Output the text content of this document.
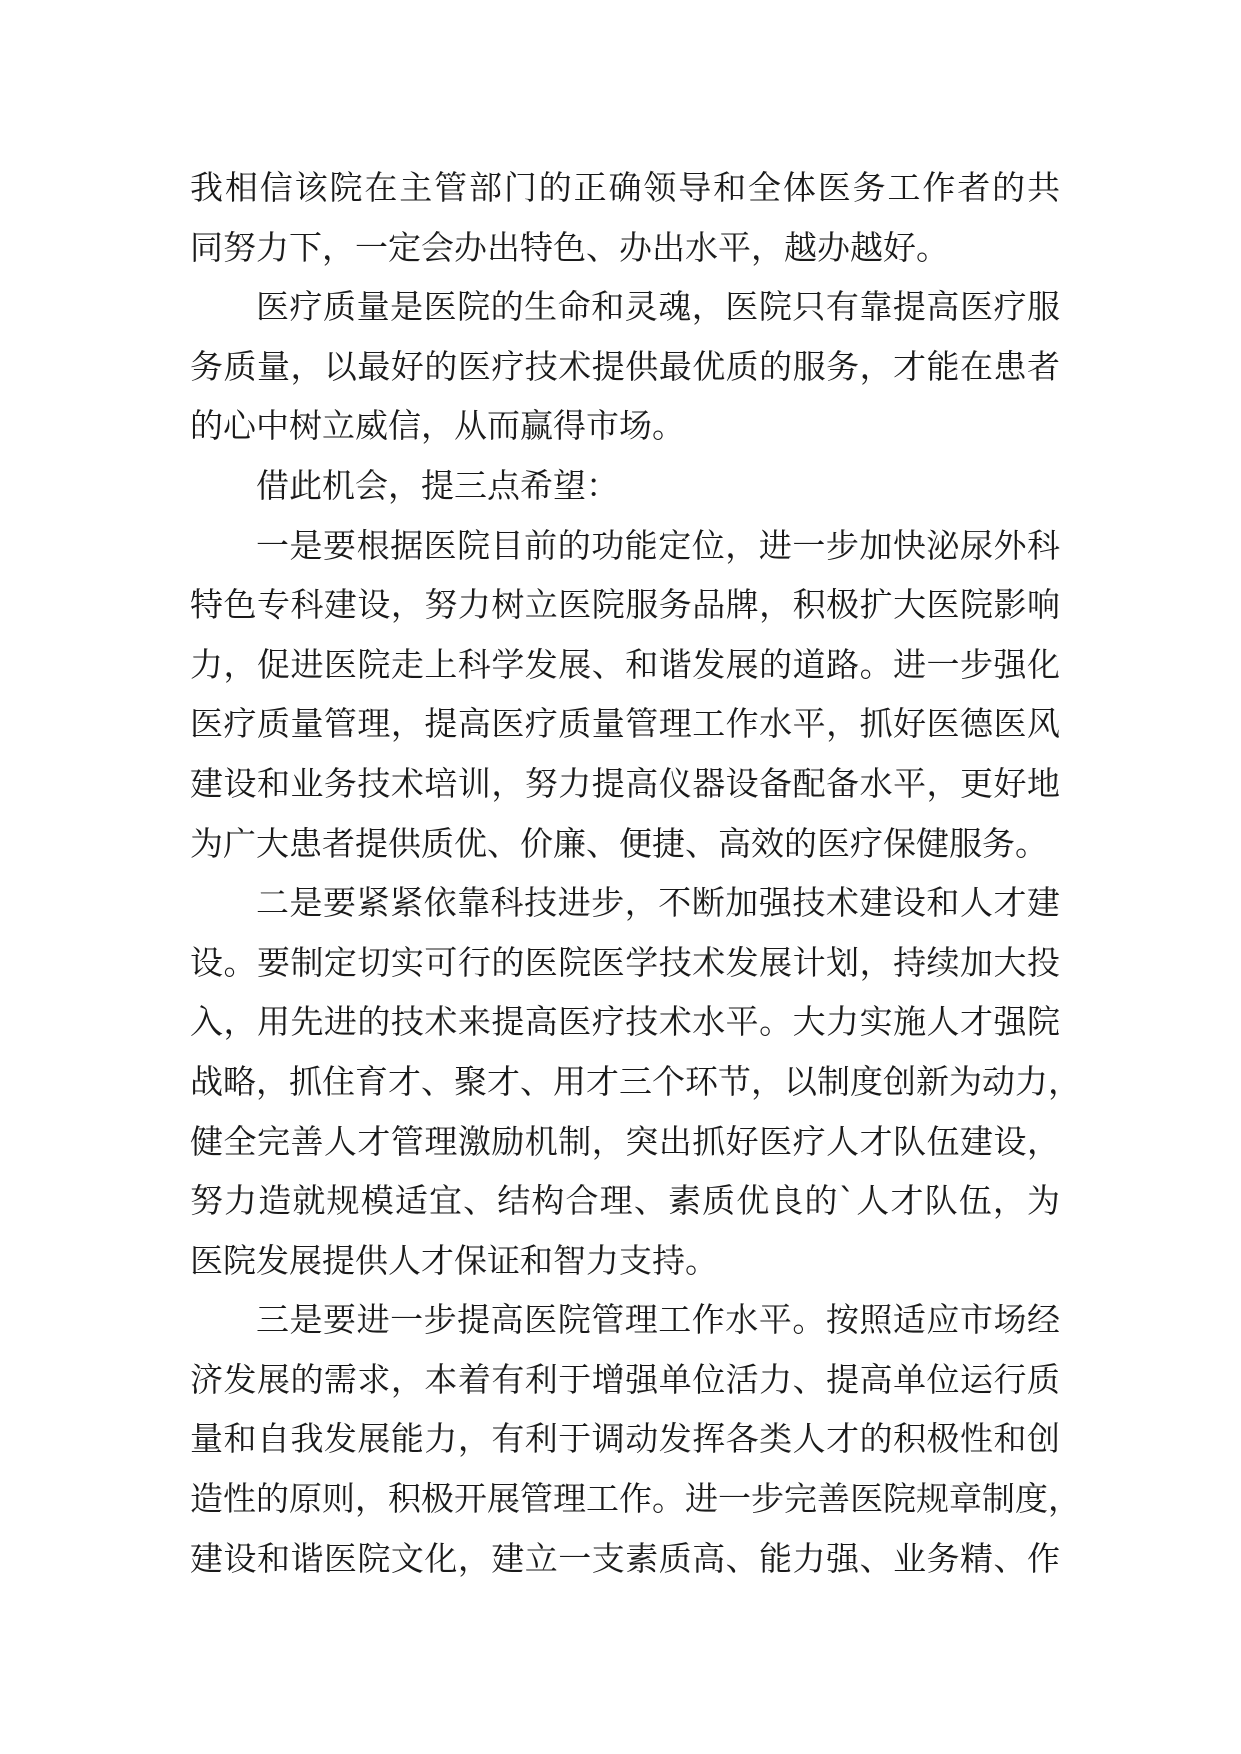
我相信该院在主管部门的正确领导和全体医务工作者的共
同努力下，一定会办出特色、办出水平，越办越好。
医疗质量是医院的生命和灵魂，医院只有靠提高医疗服
务质量，以最好的医疗技术提供最优质的服务，才能在患者
的心中树立威信，从而赢得市场。
借此机会，提三点希望：
一是要根据医院目前的功能定位，进一步加快泌尿外科
特色专科建设，努力树立医院服务品牌，积极扩大医院影响
力，促进医院走上科学发展、和谐发展的道路。进一步强化
医疗质量管理，提高医疗质量管理工作水平，抓好医德医风
建设和业务技术培训，努力提高仪器设备配备水平，更好地
为广大患者提供质优、价廉、便捷、高效的医疗保健服务。
二是要紧紧依靠科技进步，不断加强技术建设和人才建
设。要制定切实可行的医院医学技术发展计划，持续加大投
入，用先进的技术来提高医疗技术水平。大力实施人才强院
战略，抓住育才、聚才、用才三个环节，以制度创新为动力，
健全完善人才管理激励机制，突出抓好医疗人才队伍建设，
努力造就规模适宜、结构合理、素质优良的`人才队伍，为
医院发展提供人才保证和智力支持。
三是要进一步提高医院管理工作水平。按照适应市场经
济发展的需求，本着有利于增强单位活力、提高单位运行质
量和自我发展能力，有利于调动发挥各类人才的积极性和创
造性的原则，积极开展管理工作。进一步完善医院规章制度，
建设和谐医院文化，建立一支素质高、能力强、业务精、作
